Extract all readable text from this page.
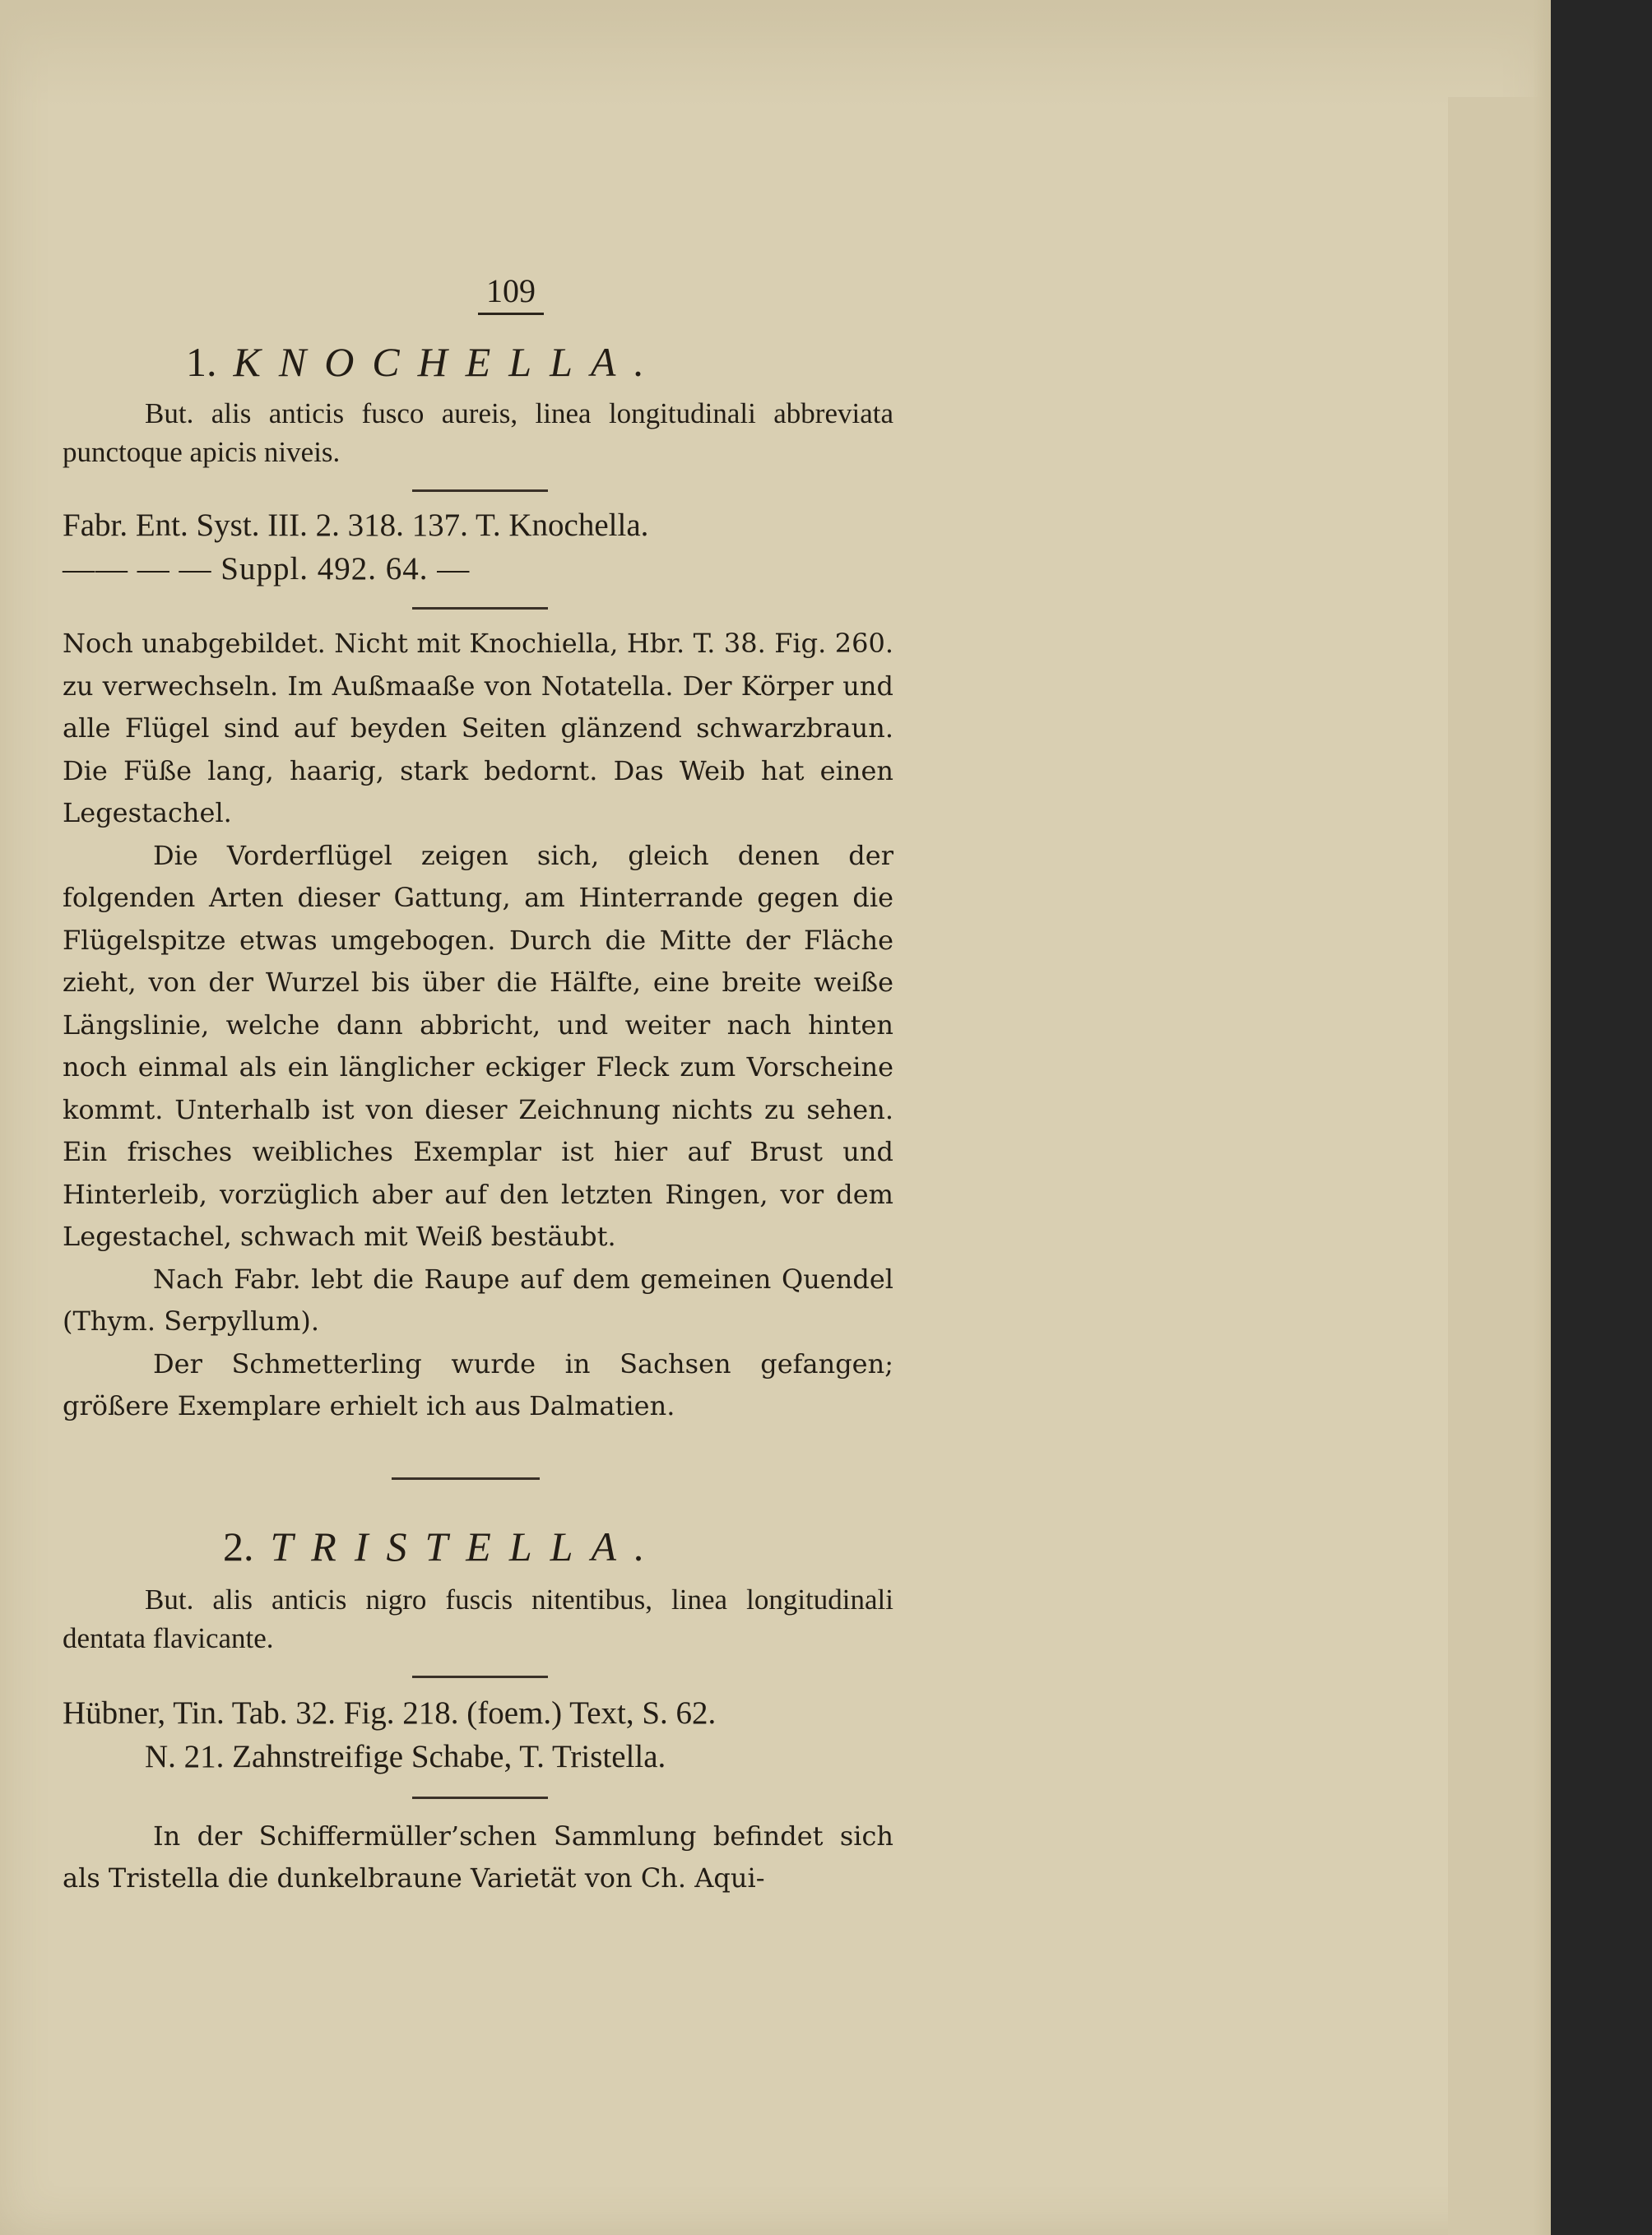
109
1. KNOCHELLA.
But. alis anticis fusco aureis, linea longitudinali abbreviata punctoque apicis niveis.
Fabr. Ent. Syst. III. 2. 318. 137. T. Knochella.
—— — — Suppl. 492. 64. —
Noch unabgebildet. Nicht mit Knochiella, Hbr. T. 38. Fig. 260. zu verwechseln. Im Außmaaße von Notatella. Der Körper und alle Flügel sind auf beyden Seiten glänzend schwarzbraun. Die Füße lang, haarig, stark bedornt. Das Weib hat einen Legestachel.
Die Vorderflügel zeigen sich, gleich denen der folgenden Arten dieser Gattung, am Hinterrande gegen die Flügelspitze etwas umgebogen. Durch die Mitte der Fläche zieht, von der Wurzel bis über die Hälfte, eine breite weiße Längslinie, welche dann abbricht, und weiter nach hinten noch einmal als ein länglicher eckiger Fleck zum Vorscheine kommt. Unterhalb ist von dieser Zeichnung nichts zu sehen. Ein frisches weibliches Exemplar ist hier auf Brust und Hinterleib, vorzüglich aber auf den letzten Ringen, vor dem Legestachel, schwach mit Weiß bestäubt.
Nach Fabr. lebt die Raupe auf dem gemeinen Quendel (Thym. Serpyllum).
Der Schmetterling wurde in Sachsen gefangen; größere Exemplare erhielt ich aus Dalmatien.
2. TRISTELLA.
But. alis anticis nigro fuscis nitentibus, linea longitudinali dentata flavicante.
Hübner, Tin. Tab. 32. Fig. 218. (foem.) Text, S. 62.
N. 21. Zahnstreifige Schabe, T. Tristella.
In der Schiffermüller’schen Sammlung befindet sich als Tristella die dunkelbraune Varietät von Ch. Aqui-
